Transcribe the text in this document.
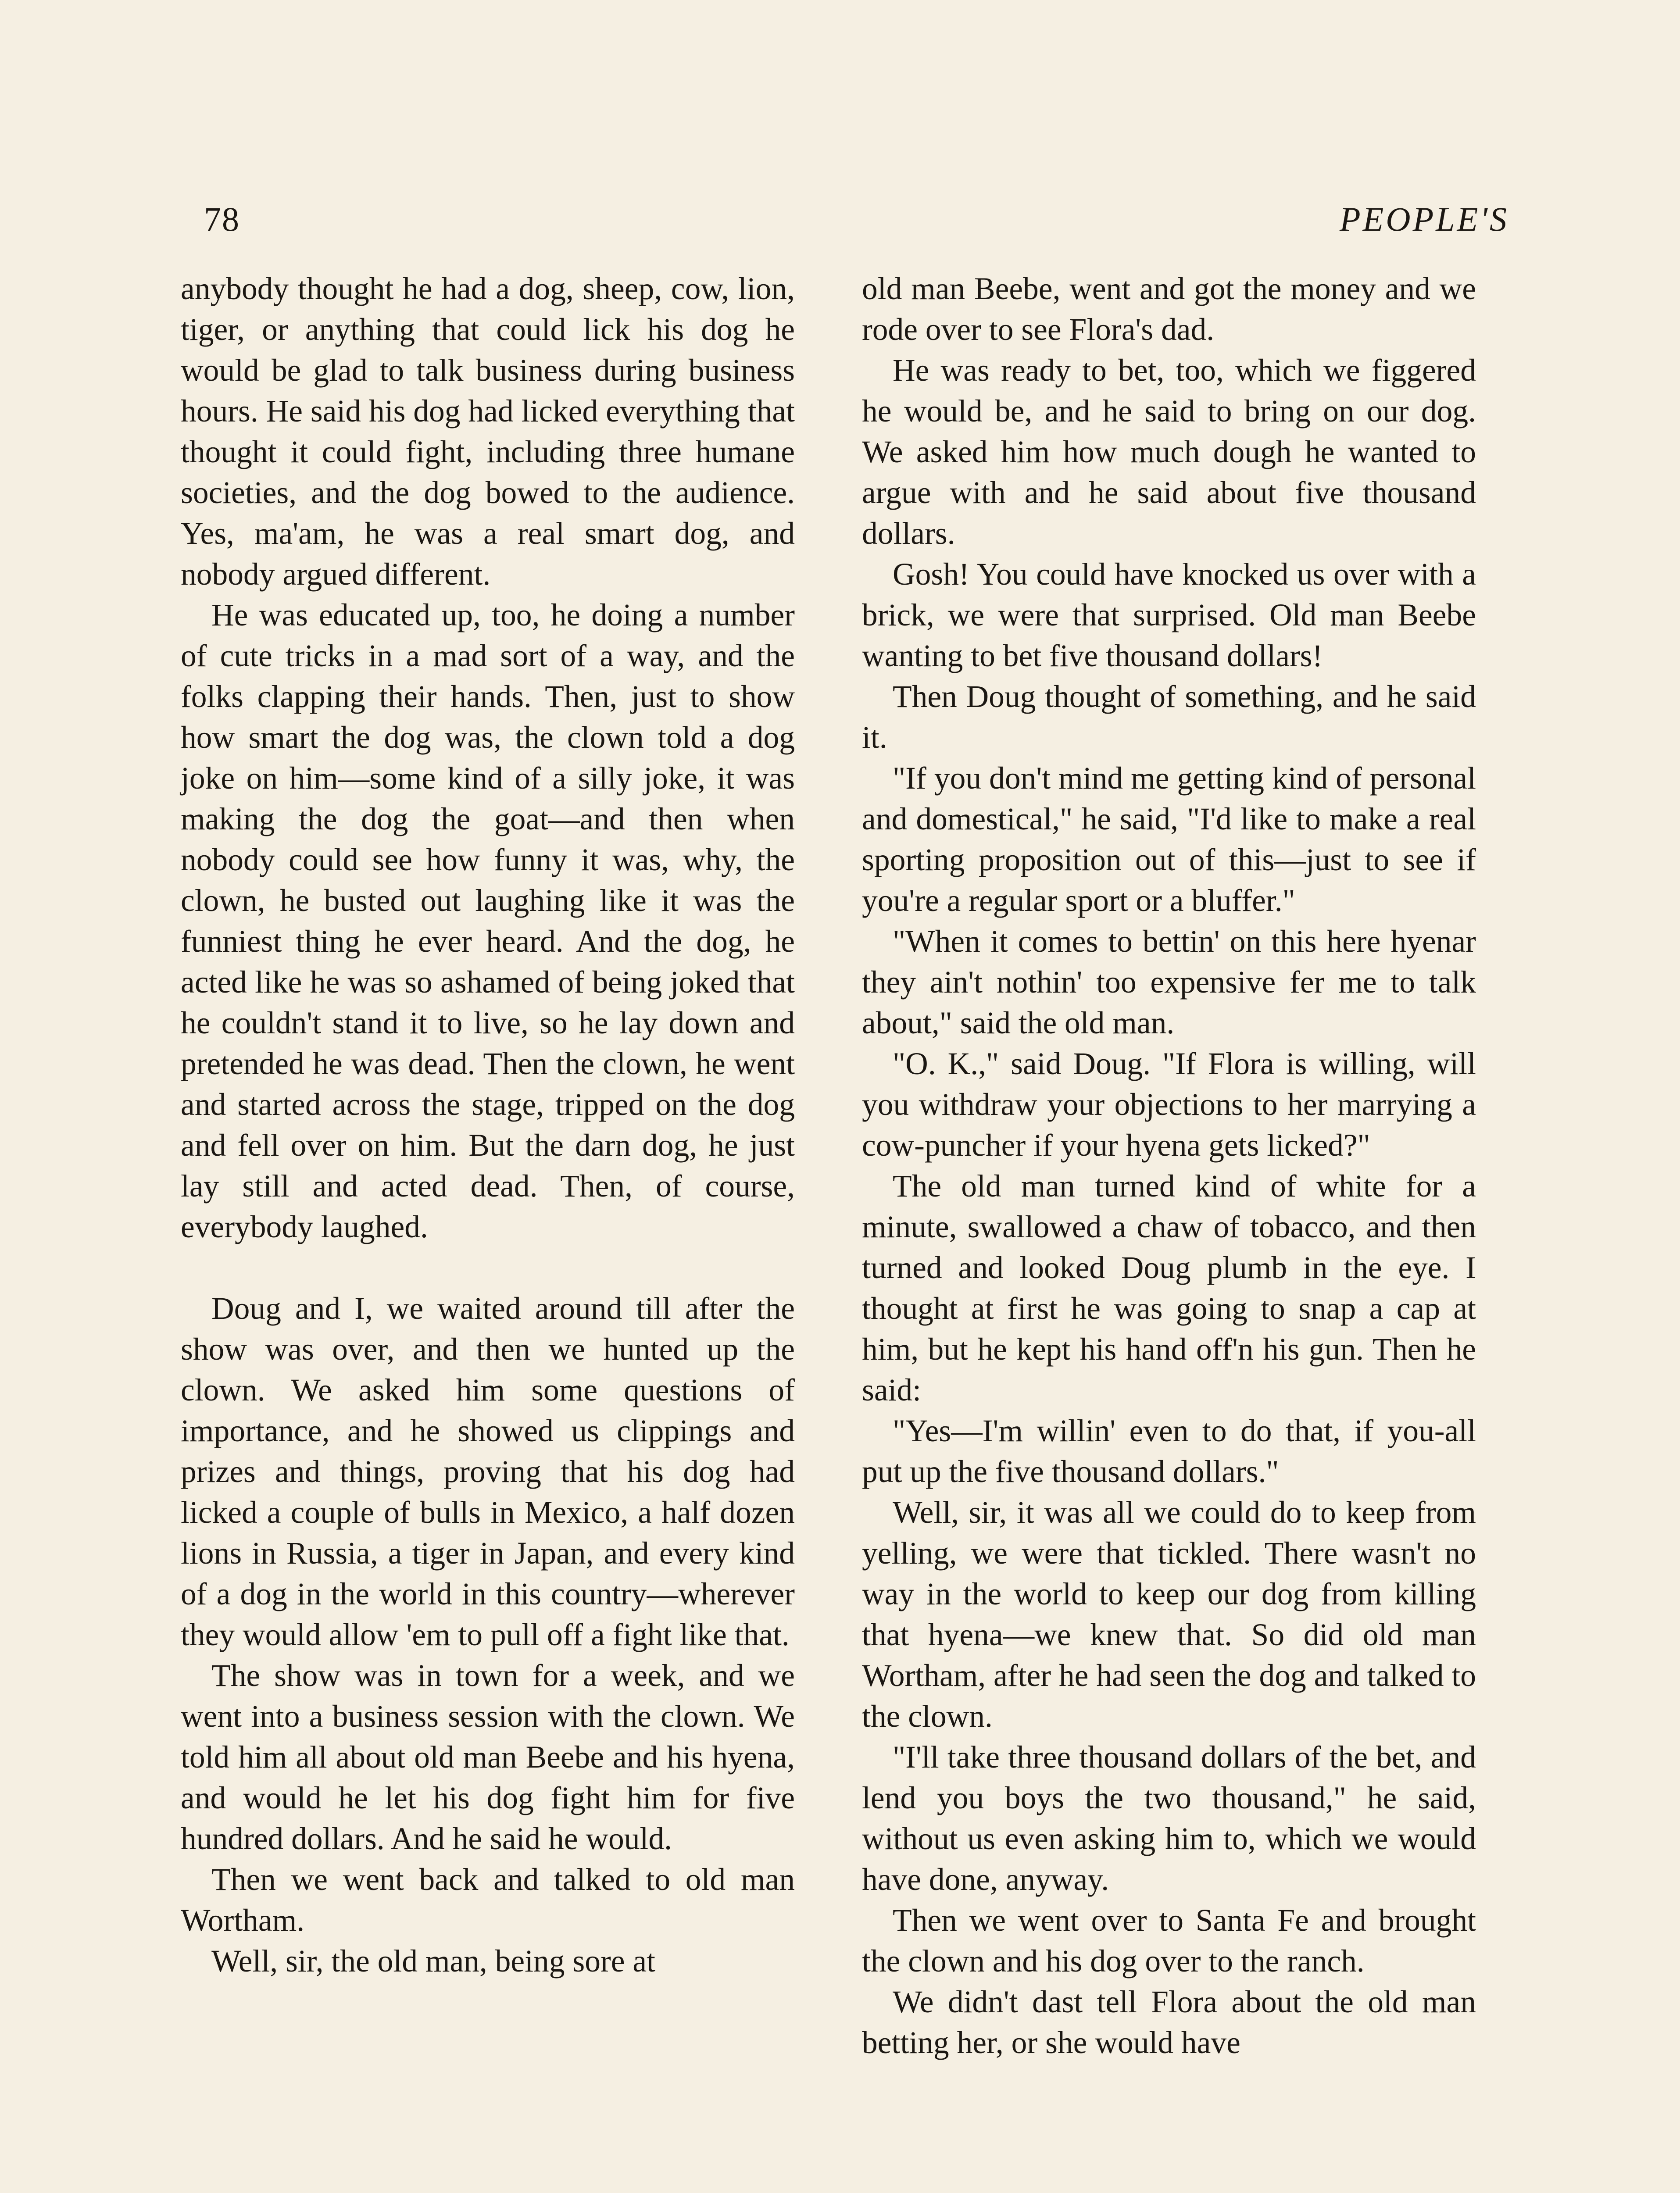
78	PEOPLE'S

anybody thought he had a dog, sheep, cow, lion, tiger, or anything that could lick his dog he would be glad to talk business during business hours. He said his dog had licked everything that thought it could fight, including three humane societies, and the dog bowed to the audience. Yes, ma'am, he was a real smart dog, and nobody argued different.

He was educated up, too, he doing a number of cute tricks in a mad sort of a way, and the folks clapping their hands. Then, just to show how smart the dog was, the clown told a dog joke on him—some kind of a silly joke, it was making the dog the goat—and then when nobody could see how funny it was, why, the clown, he busted out laughing like it was the funniest thing he ever heard. And the dog, he acted like he was so ashamed of being joked that he couldn't stand it to live, so he lay down and pretended he was dead. Then the clown, he went and started across the stage, tripped on the dog and fell over on him. But the darn dog, he just lay still and acted dead. Then, of course, everybody laughed.

Doug and I, we waited around till after the show was over, and then we hunted up the clown. We asked him some questions of importance, and he showed us clippings and prizes and things, proving that his dog had licked a couple of bulls in Mexico, a half dozen lions in Russia, a tiger in Japan, and every kind of a dog in the world in this country—wherever they would allow 'em to pull off a fight like that.

The show was in town for a week, and we went into a business session with the clown. We told him all about old man Beebe and his hyena, and would he let his dog fight him for five hundred dollars. And he said he would.

Then we went back and talked to old man Wortham.

Well, sir, the old man, being sore at

old man Beebe, went and got the money and we rode over to see Flora's dad.

He was ready to bet, too, which we figgered he would be, and he said to bring on our dog. We asked him how much dough he wanted to argue with and he said about five thousand dollars.

Gosh! You could have knocked us over with a brick, we were that surprised. Old man Beebe wanting to bet five thousand dollars!

Then Doug thought of something, and he said it.

"If you don't mind me getting kind of personal and domestical," he said, "I'd like to make a real sporting proposition out of this—just to see if you're a regular sport or a bluffer."

"When it comes to bettin' on this here hyenar they ain't nothin' too expensive fer me to talk about," said the old man.

"O. K.," said Doug. "If Flora is willing, will you withdraw your objections to her marrying a cow-puncher if your hyena gets licked?"

The old man turned kind of white for a minute, swallowed a chaw of tobacco, and then turned and looked Doug plumb in the eye. I thought at first he was going to snap a cap at him, but he kept his hand off'n his gun. Then he said:

"Yes—I'm willin' even to do that, if you-all put up the five thousand dollars."

Well, sir, it was all we could do to keep from yelling, we were that tickled. There wasn't no way in the world to keep our dog from killing that hyena—we knew that. So did old man Wortham, after he had seen the dog and talked to the clown.

"I'll take three thousand dollars of the bet, and lend you boys the two thousand," he said, without us even asking him to, which we would have done, anyway.

Then we went over to Santa Fe and brought the clown and his dog over to the ranch.

We didn't dast tell Flora about the old man betting her, or she would have
